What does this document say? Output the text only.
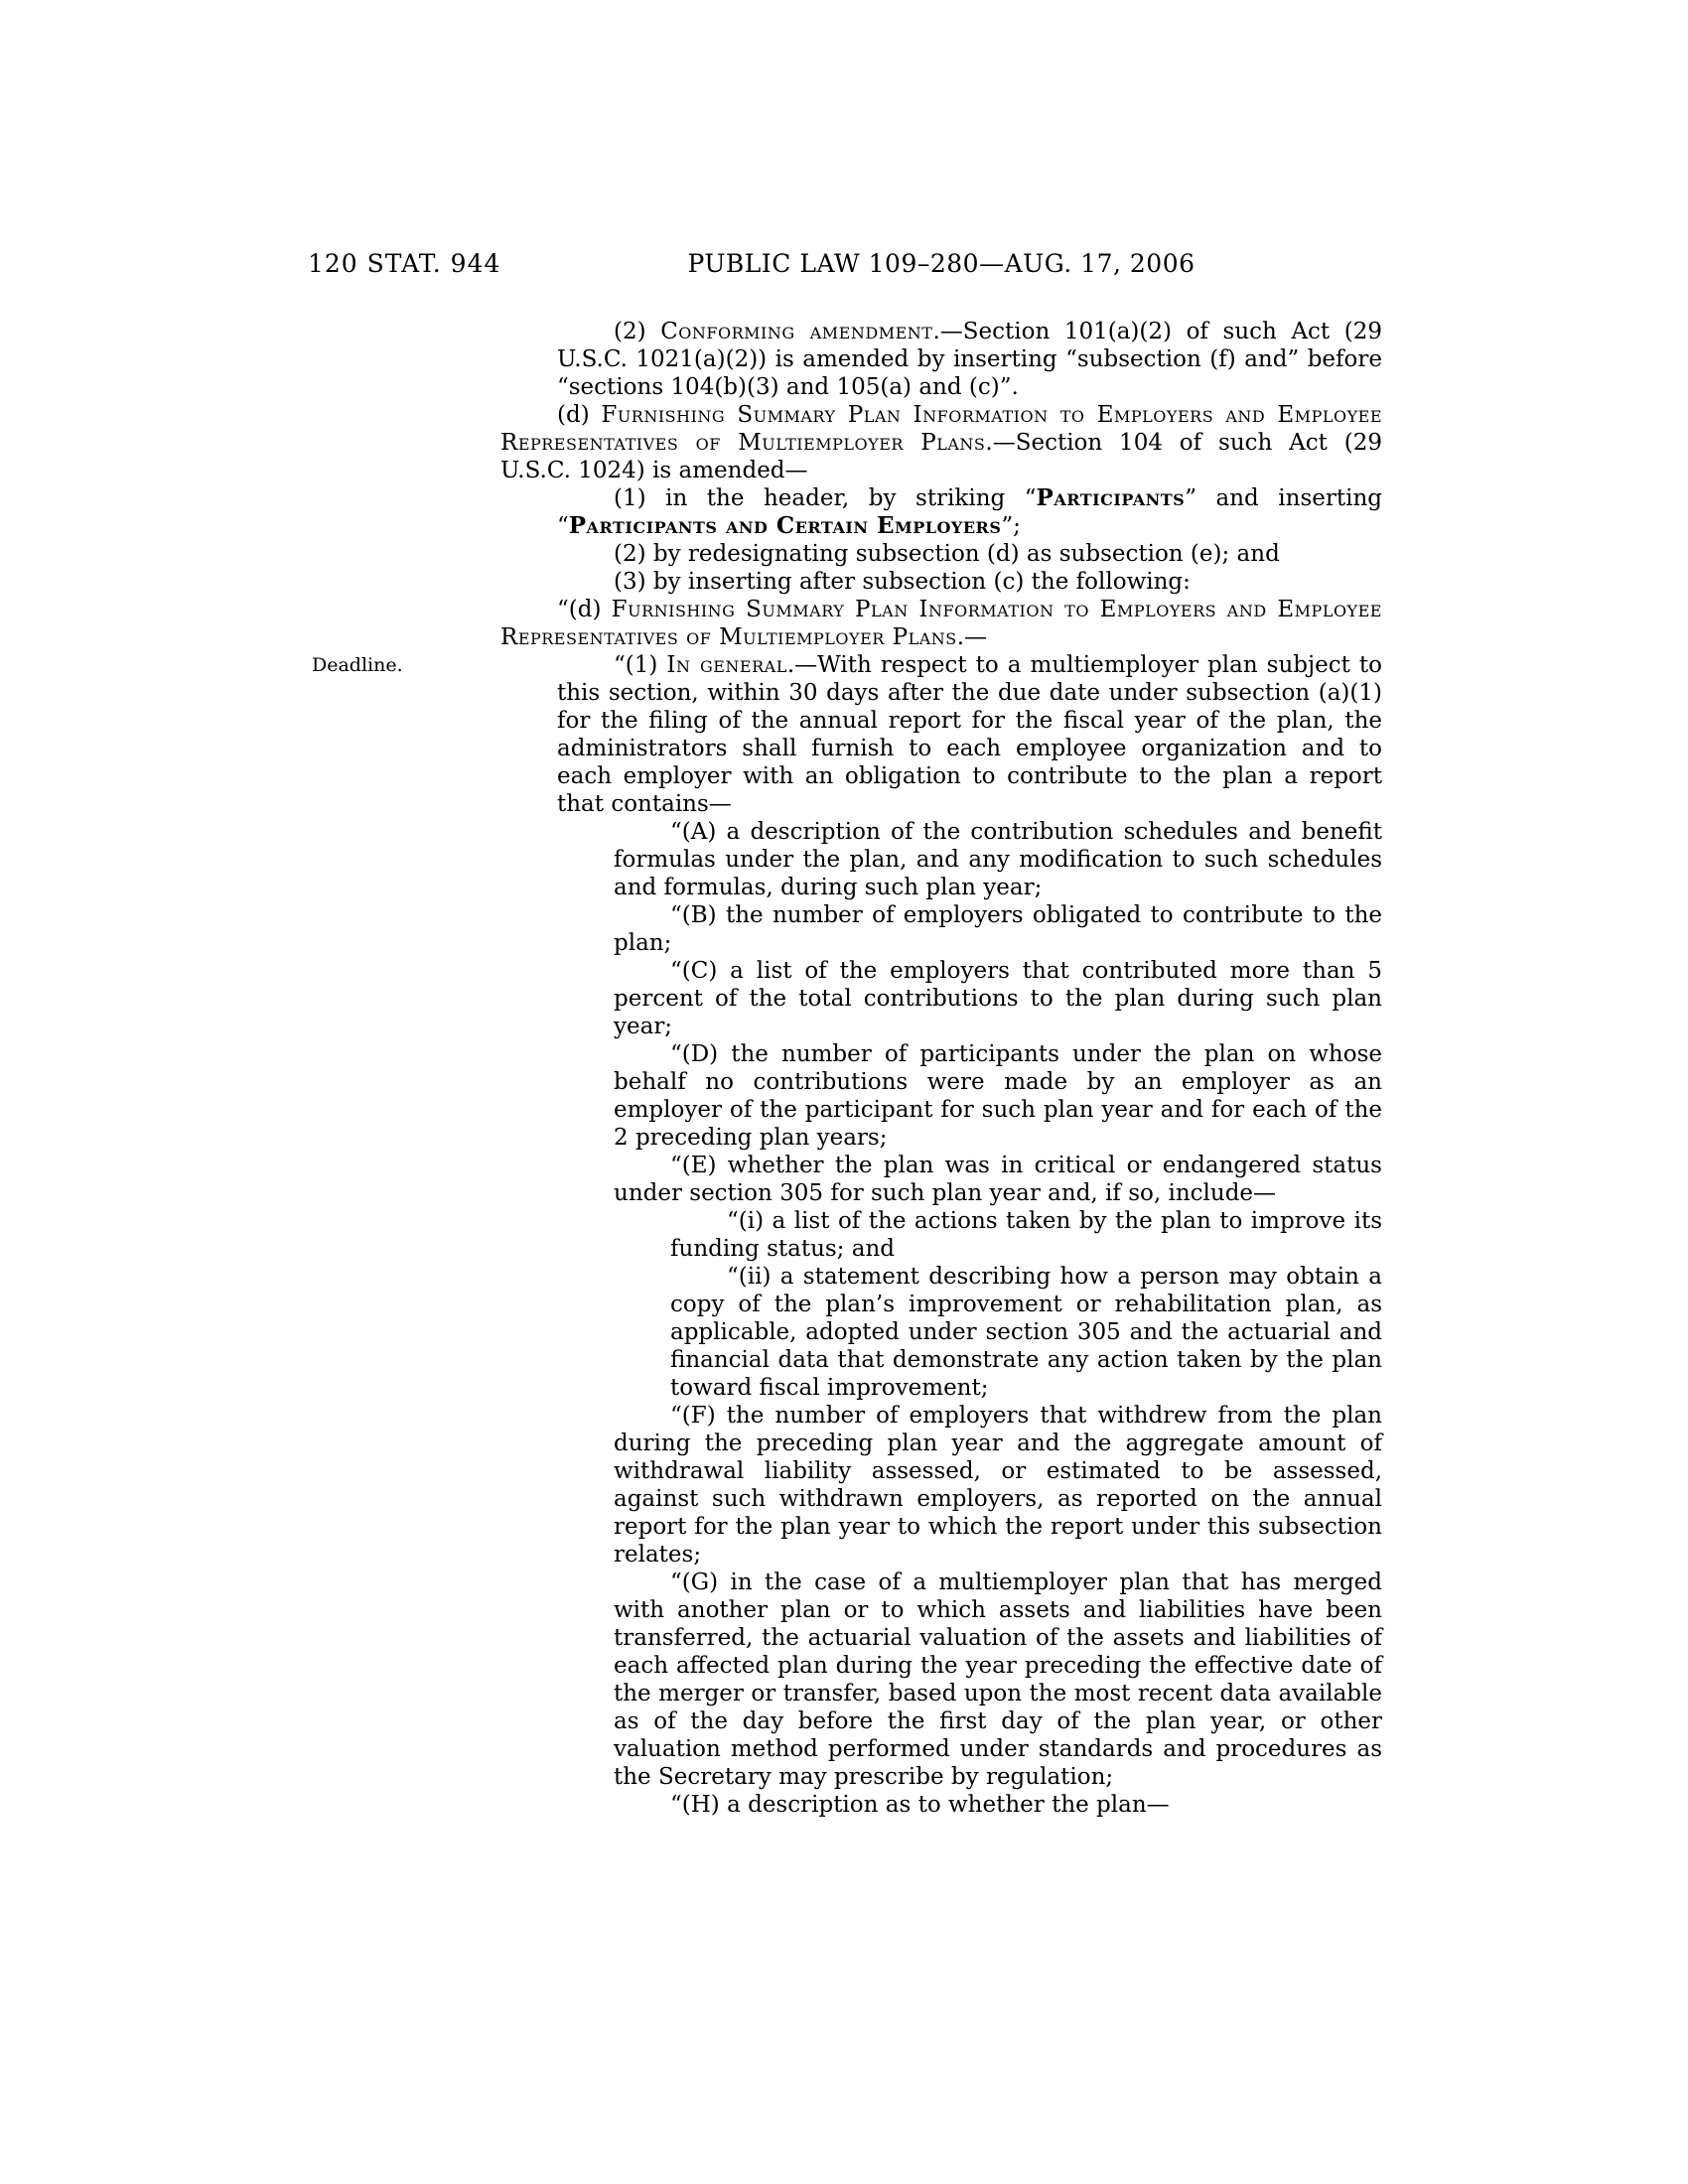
120 STAT. 944	PUBLIC LAW 109–280—AUG. 17, 2006
Deadline.

(2) Conforming amendment.—Section 101(a)(2) of such Act (29 U.S.C. 1021(a)(2)) is amended by inserting “subsection (f) and” before “sections 104(b)(3) and 105(a) and (c)”.

(d) Furnishing Summary Plan Information to Employers and Employee Representatives of Multiemployer Plans.—Section 104 of such Act (29 U.S.C. 1024) is amended—

(1) in the header, by striking “Participants” and inserting “Participants and Certain Employers”;

(2) by redesignating subsection (d) as subsection (e); and

(3) by inserting after subsection (c) the following:

“(d) Furnishing Summary Plan Information to Employers and Employee Representatives of Multiemployer Plans.—

“(1) In general.—With respect to a multiemployer plan subject to this section, within 30 days after the due date under subsection (a)(1) for the filing of the annual report for the fiscal year of the plan, the administrators shall furnish to each employee organization and to each employer with an obligation to contribute to the plan a report that contains—

“(A) a description of the contribution schedules and benefit formulas under the plan, and any modification to such schedules and formulas, during such plan year;

“(B) the number of employers obligated to contribute to the plan;

“(C) a list of the employers that contributed more than 5 percent of the total contributions to the plan during such plan year;

“(D) the number of participants under the plan on whose behalf no contributions were made by an employer as an employer of the participant for such plan year and for each of the 2 preceding plan years;

“(E) whether the plan was in critical or endangered status under section 305 for such plan year and, if so, include—

“(i) a list of the actions taken by the plan to improve its funding status; and

“(ii) a statement describing how a person may obtain a copy of the plan’s improvement or rehabilitation plan, as applicable, adopted under section 305 and the actuarial and financial data that demonstrate any action taken by the plan toward fiscal improvement;

“(F) the number of employers that withdrew from the plan during the preceding plan year and the aggregate amount of withdrawal liability assessed, or estimated to be assessed, against such withdrawn employers, as reported on the annual report for the plan year to which the report under this subsection relates;

“(G) in the case of a multiemployer plan that has merged with another plan or to which assets and liabilities have been transferred, the actuarial valuation of the assets and liabilities of each affected plan during the year preceding the effective date of the merger or transfer, based upon the most recent data available as of the day before the first day of the plan year, or other valuation method performed under standards and procedures as the Secretary may prescribe by regulation;

“(H) a description as to whether the plan—
